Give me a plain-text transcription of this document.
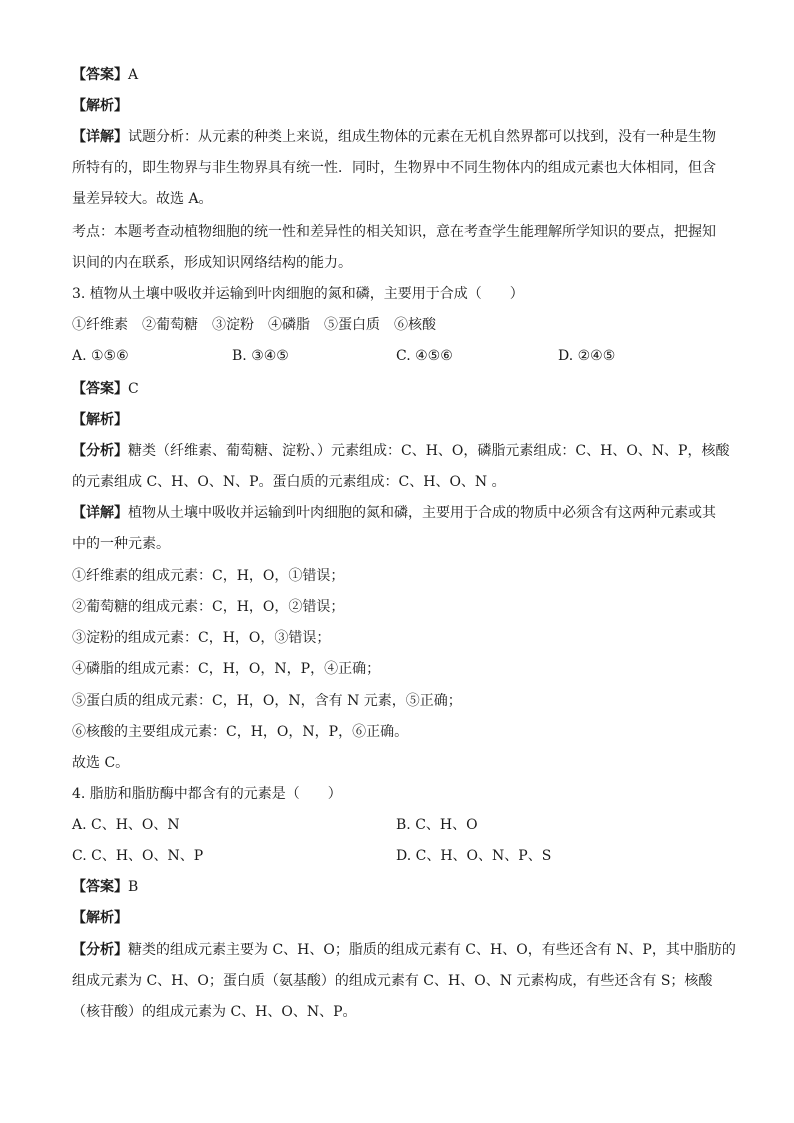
【答案】A
【解析】
【详解】试题分析：从元素的种类上来说，组成生物体的元素在无机自然界都可以找到，没有一种是生物
所特有的，即生物界与非生物界具有统一性．同时，生物界中不同生物体内的组成元素也大体相同，但含
量差异较大。故选 A。
考点：本题考查动植物细胞的统一性和差异性的相关知识，意在考查学生能理解所学知识的要点，把握知
识间的内在联系，形成知识网络结构的能力。
3. 植物从土壤中吸收并运输到叶肉细胞的氮和磷，主要用于合成（　　）
①纤维素　②葡萄糖　③淀粉　④磷脂　⑤蛋白质　⑥核酸
A. ①⑤⑥	B. ③④⑤	C. ④⑤⑥	D. ②④⑤
【答案】C
【解析】
【分析】糖类（纤维素、葡萄糖、淀粉、）元素组成：C、H、O，磷脂元素组成：C、H、O、N、P，核酸
的元素组成 C、H、O、N、P。蛋白质的元素组成：C、H、O、N 。
【详解】植物从土壤中吸收并运输到叶肉细胞的氮和磷，主要用于合成的物质中必须含有这两种元素或其
中的一种元素。
①纤维素的组成元素：C，H，O，①错误；
②葡萄糖的组成元素：C，H，O，②错误；
③淀粉的组成元素：C，H，O，③错误；
④磷脂的组成元素：C，H，O，N，P，④正确；
⑤蛋白质的组成元素：C，H，O，N，含有 N 元素，⑤正确；
⑥核酸的主要组成元素：C，H，O，N，P，⑥正确。
故选 C。
4. 脂肪和脂肪酶中都含有的元素是（　　）
A. C、H、O、N	B. C、H、O
C. C、H、O、N、P	D. C、H、O、N、P、S
【答案】B
【解析】
【分析】糖类的组成元素主要为 C、H、O；脂质的组成元素有 C、H、O，有些还含有 N、P，其中脂肪的
组成元素为 C、H、O；蛋白质（氨基酸）的组成元素有 C、H、O、N 元素构成，有些还含有 S；核酸
（核苷酸）的组成元素为 C、H、O、N、P。
